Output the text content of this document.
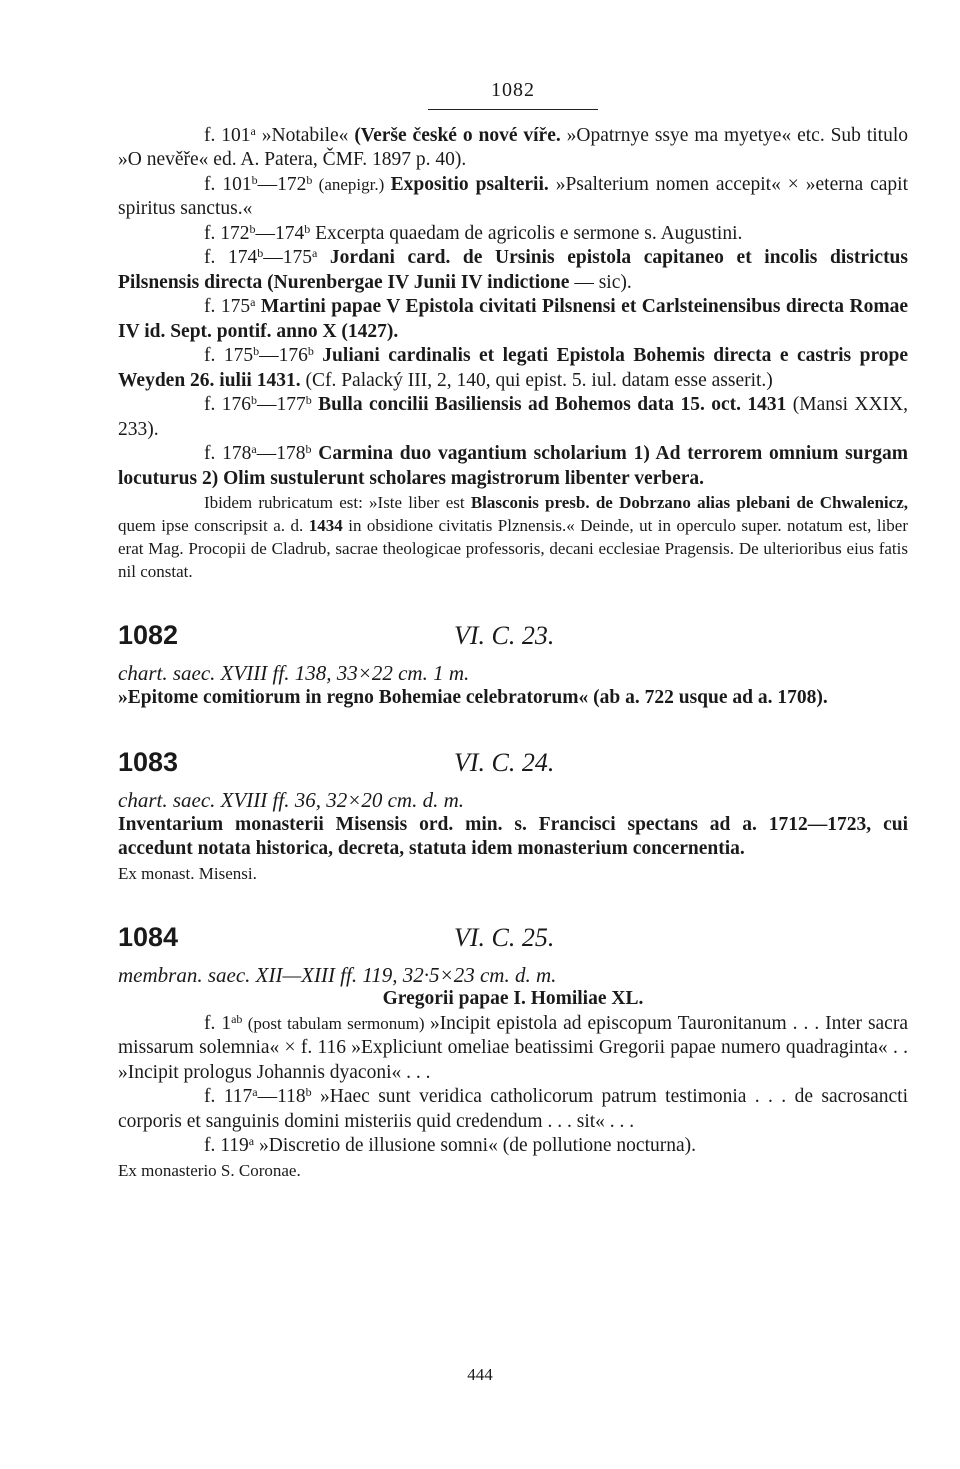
1082

f. 101$^a$ »Notabile« (Verše české o nové víře. »Opatrnye ssye ma myetye« etc. Sub titulo »O nevěře« ed. A. Patera, ČMF. 1897 p. 40).

f. 101$^b$—172$^b$ (anepigr.) Expositio psalterii. »Psalterium nomen accepit« × »eterna capit spiritus sanctus.«

f. 172$^b$—174$^b$ Excerpta quaedam de agricolis e sermone s. Augustini.

f. 174$^b$—175$^a$ Jordani card. de Ursinis epistola capitaneo et incolis districtus Pilsnensis directa (Nurenbergae IV Junii IV indictione — sic).

f. 175$^a$ Martini papae V Epistola civitati Pilsnensi et Carlsteinensibus directa Romae IV id. Sept. pontif. anno X (1427).

f. 175$^b$—176$^b$ Juliani cardinalis et legati Epistola Bohemis directa e castris prope Weyden 26. iulii 1431. (Cf. Palacký III, 2, 140, qui epist. 5. iul. datam esse asserit.)

f. 176$^b$—177$^b$ Bulla concilii Basiliensis ad Bohemos data 15. oct. 1431 (Mansi XXIX, 233).

f. 178$^a$—178$^b$ Carmina duo vagantium scholarium 1) Ad terrorem omnium surgam locuturus 2) Olim sustulerunt scholares magistrorum libenter verbera.

Ibidem rubricatum est: »Iste liber est Blasconis presb. de Dobrzano alias plebani de Chwalenicz, quem ipse conscripsit a. d. 1434 in obsidione civitatis Plznensis.« Deinde, ut in operculo super. notatum est, liber erat Mag. Procopii de Cladrub, sacrae theologicae professoris, decani ecclesiae Pragensis. De ulterioribus eius fatis nil constat.

1082	VI. C. 23.

chart. saec. XVIII ff. 138, 33×22 cm. 1 m.

»Epitome comitiorum in regno Bohemiae celebratorum« (ab a. 722 usque ad a. 1708).

1083	VI. C. 24.

chart. saec. XVIII ff. 36, 32×20 cm. d. m.

Inventarium monasterii Misensis ord. min. s. Francisci spectans ad a. 1712—1723, cui accedunt notata historica, decreta, statuta idem monasterium concernentia.

Ex monast. Misensi.

1084	VI. C. 25.

membran. saec. XII—XIII ff. 119, 32·5×23 cm. d. m.

Gregorii papae I. Homiliae XL.

f. $1^{ab}$ (post tabulam sermonum) »Incipit epistola ad episcopum Tauronitanum . . . Inter sacra missarum solemnia« × f. 116 »Expliciunt omeliae beatissimi Gregorii papae numero quadraginta« . . »Incipit prologus Johannis dyaconi« . . .

f. 117$^a$—118$^b$ »Haec sunt veridica catholicorum patrum testimonia . . . de sacrosancti corporis et sanguinis domini misteriis quid credendum . . . sit« . . .

f. 119$^a$ »Discretio de illusione somni« (de pollutione nocturna).

Ex monasterio S. Coronae.

444
